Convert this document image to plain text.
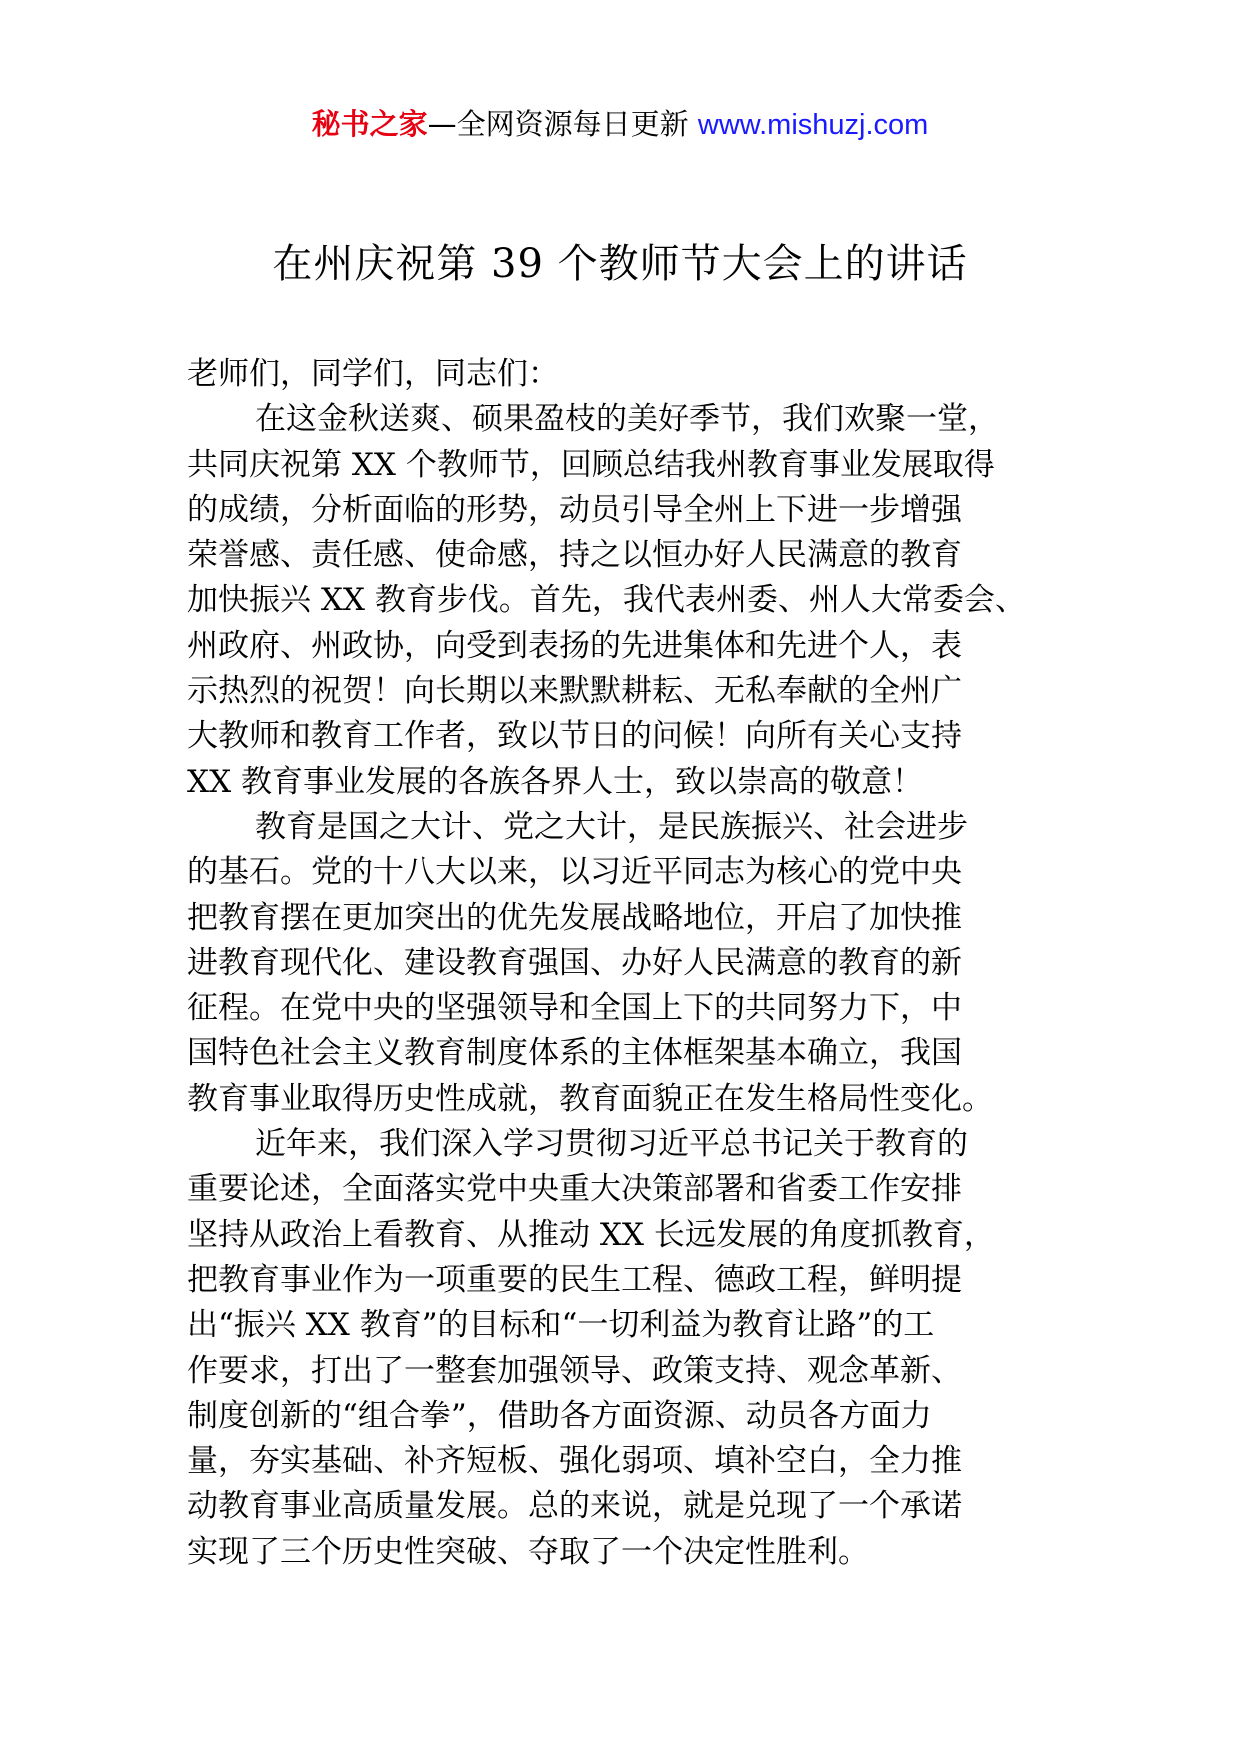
秘书之家—全网资源每日更新 www.mishuzj.com
在州庆祝第 39 个教师节大会上的讲话
老师们，同学们，同志们：
在这金秋送爽、硕果盈枝的美好季节，我们欢聚一堂，
共同庆祝第 XX 个教师节，回顾总结我州教育事业发展取得
的成绩，分析面临的形势，动员引导全州上下进一步增强
荣誉感、责任感、使命感，持之以恒办好人民满意的教育
加快振兴 XX 教育步伐。首先，我代表州委、州人大常委会、
州政府、州政协，向受到表扬的先进集体和先进个人，表
示热烈的祝贺！向长期以来默默耕耘、无私奉献的全州广
大教师和教育工作者，致以节日的问候！向所有关心支持
XX 教育事业发展的各族各界人士，致以崇高的敬意！
教育是国之大计、党之大计，是民族振兴、社会进步
的基石。党的十八大以来，以习近平同志为核心的党中央
把教育摆在更加突出的优先发展战略地位，开启了加快推
进教育现代化、建设教育强国、办好人民满意的教育的新
征程。在党中央的坚强领导和全国上下的共同努力下，中
国特色社会主义教育制度体系的主体框架基本确立，我国
教育事业取得历史性成就，教育面貌正在发生格局性变化。
近年来，我们深入学习贯彻习近平总书记关于教育的
重要论述，全面落实党中央重大决策部署和省委工作安排
坚持从政治上看教育、从推动 XX 长远发展的角度抓教育，
把教育事业作为一项重要的民生工程、德政工程，鲜明提
出“振兴 XX 教育”的目标和“一切利益为教育让路”的工
作要求，打出了一整套加强领导、政策支持、观念革新、
制度创新的“组合拳”，借助各方面资源、动员各方面力
量，夯实基础、补齐短板、强化弱项、填补空白，全力推
动教育事业高质量发展。总的来说，就是兑现了一个承诺
实现了三个历史性突破、夺取了一个决定性胜利。
